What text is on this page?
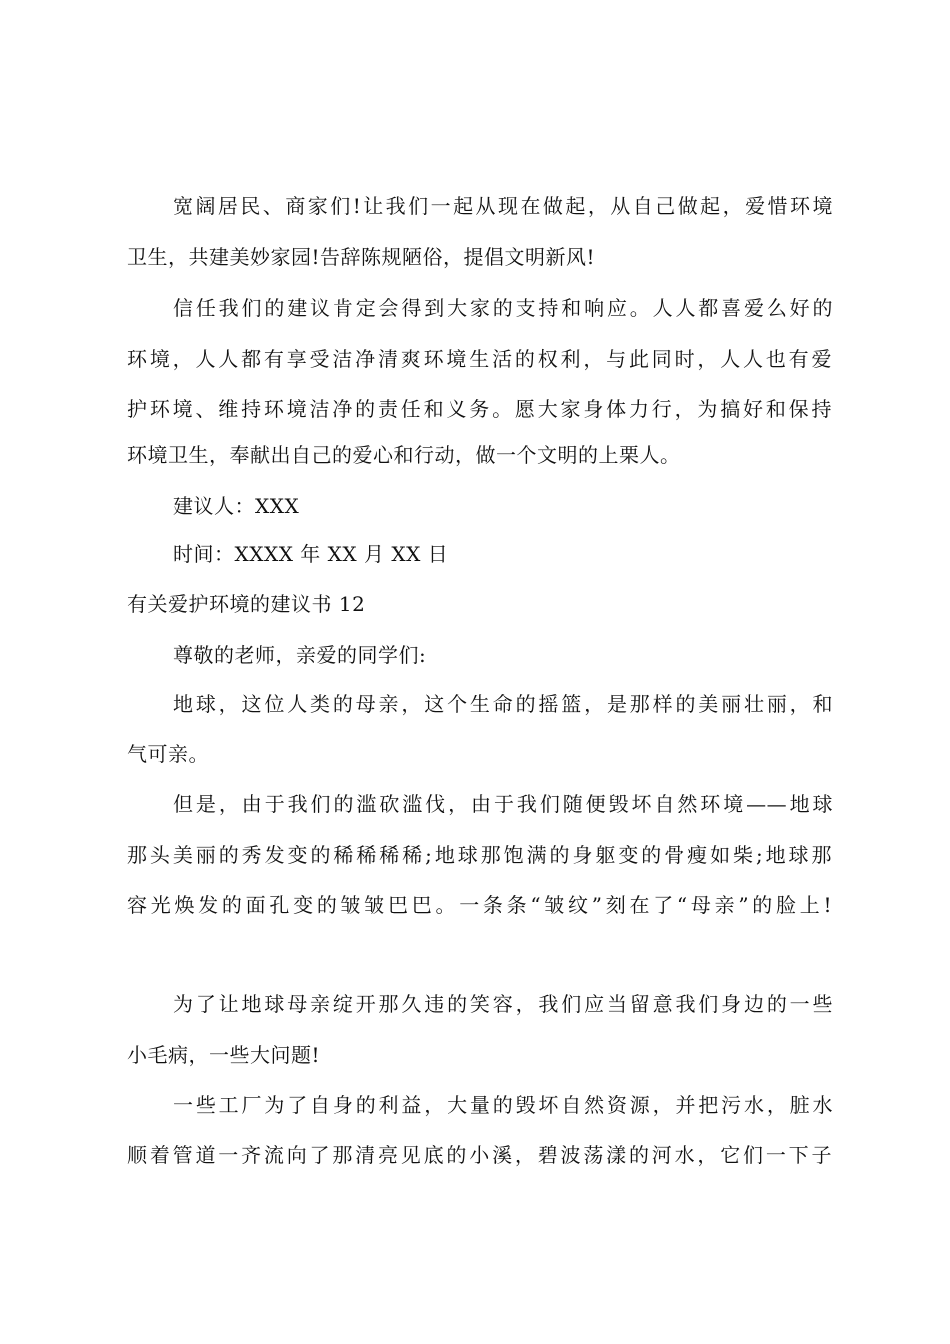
宽阔居民、商家们!让我们一起从现在做起，从自己做起，爱惜环境
卫生，共建美妙家园!告辞陈规陋俗，提倡文明新风!
信任我们的建议肯定会得到大家的支持和响应。人人都喜爱么好的
环境，人人都有享受洁净清爽环境生活的权利，与此同时，人人也有爱
护环境、维持环境洁净的责任和义务。愿大家身体力行，为搞好和保持
环境卫生，奉献出自己的爱心和行动，做一个文明的上栗人。
建议人：XXX
时间：XXXX 年 XX 月 XX 日
有关爱护环境的建议书 12
尊敬的老师，亲爱的同学们:
地球，这位人类的母亲，这个生命的摇篮，是那样的美丽壮丽，和
气可亲。
但是，由于我们的滥砍滥伐，由于我们随便毁坏自然环境——地球
那头美丽的秀发变的稀稀稀稀;地球那饱满的身躯变的骨瘦如柴;地球那
容光焕发的面孔变的皱皱巴巴。一条条“皱纹”刻在了“母亲”的脸上!
为了让地球母亲绽开那久违的笑容，我们应当留意我们身边的一些
小毛病，一些大问题!
一些工厂为了自身的利益，大量的毁坏自然资源，并把污水，脏水
顺着管道一齐流向了那清亮见底的小溪，碧波荡漾的河水，它们一下子
